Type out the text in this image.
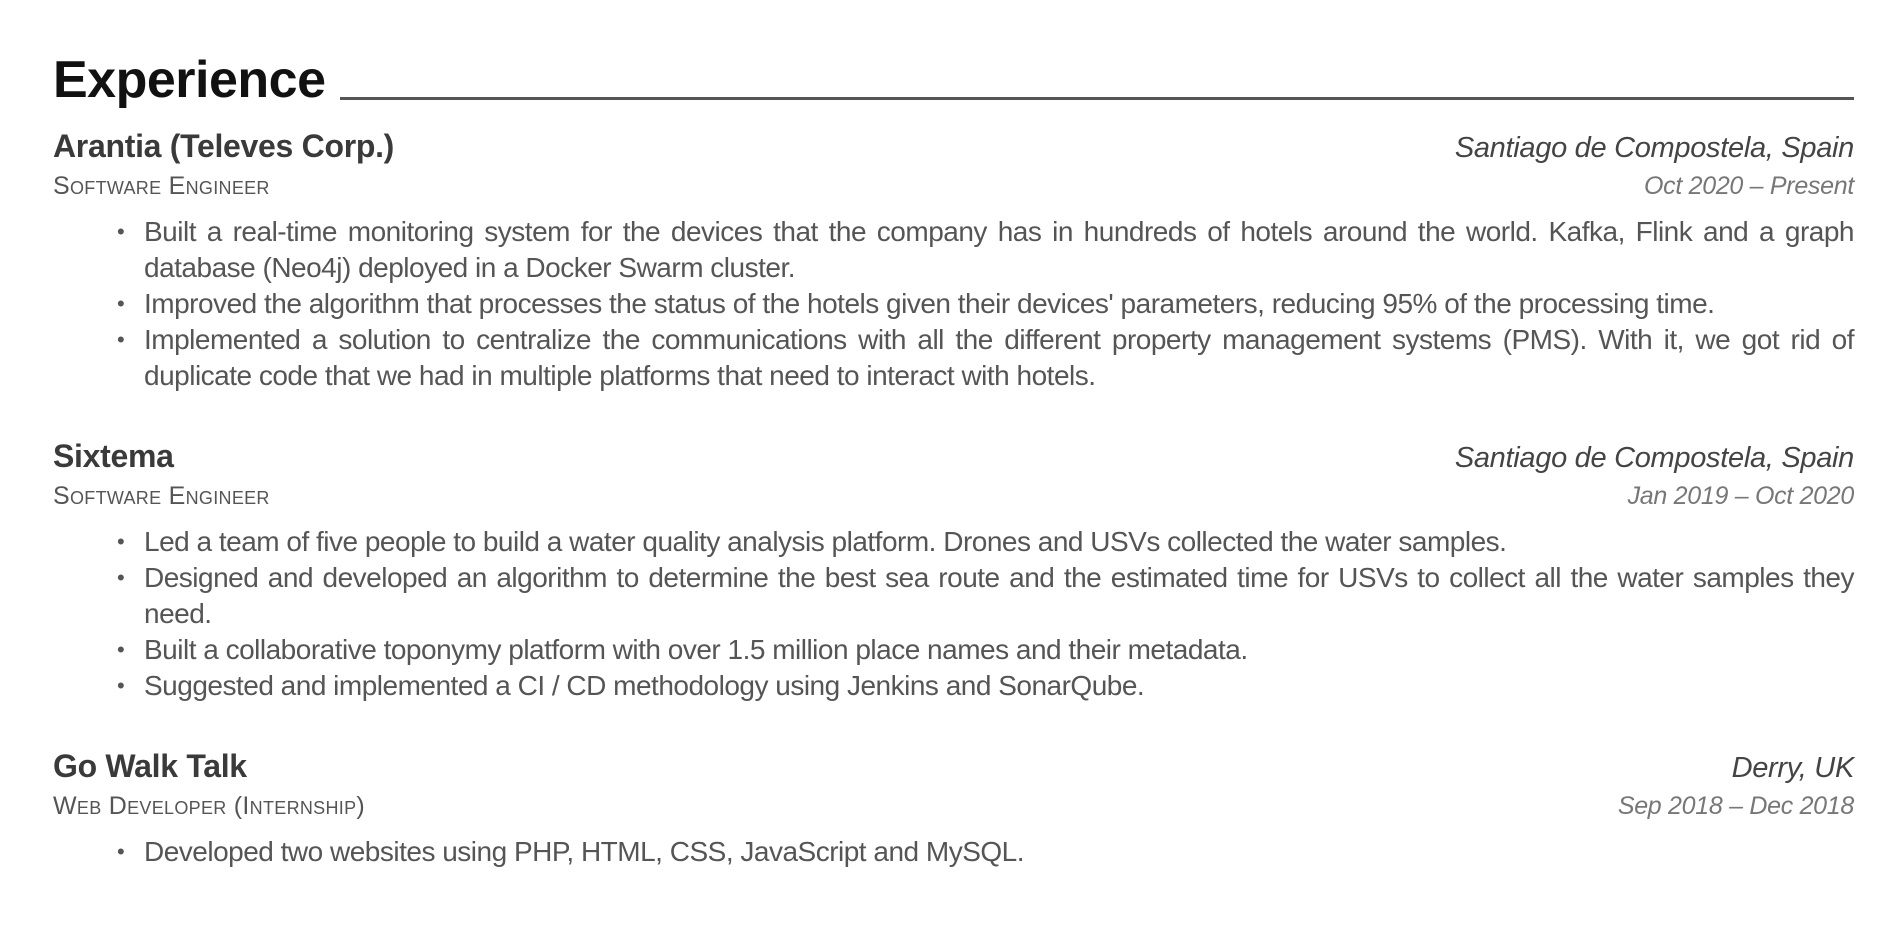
Experience
Arantia (Televes Corp.)	Santiago de Compostela, Spain
Software Engineer	Oct 2020 – Present
• Built a real-time monitoring system for the devices that the company has in hundreds of hotels around the world. Kafka, Flink and a graph database (Neo4j) deployed in a Docker Swarm cluster.
• Improved the algorithm that processes the status of the hotels given their devices' parameters, reducing 95% of the processing time.
• Implemented a solution to centralize the communications with all the different property management systems (PMS). With it, we got rid of duplicate code that we had in multiple platforms that need to interact with hotels.
Sixtema	Santiago de Compostela, Spain
Software Engineer	Jan 2019 – Oct 2020
• Led a team of five people to build a water quality analysis platform. Drones and USVs collected the water samples.
• Designed and developed an algorithm to determine the best sea route and the estimated time for USVs to collect all the water samples they need.
• Built a collaborative toponymy platform with over 1.5 million place names and their metadata.
• Suggested and implemented a CI / CD methodology using Jenkins and SonarQube.
Go Walk Talk	Derry, UK
Web Developer (Internship)	Sep 2018 – Dec 2018
• Developed two websites using PHP, HTML, CSS, JavaScript and MySQL.
